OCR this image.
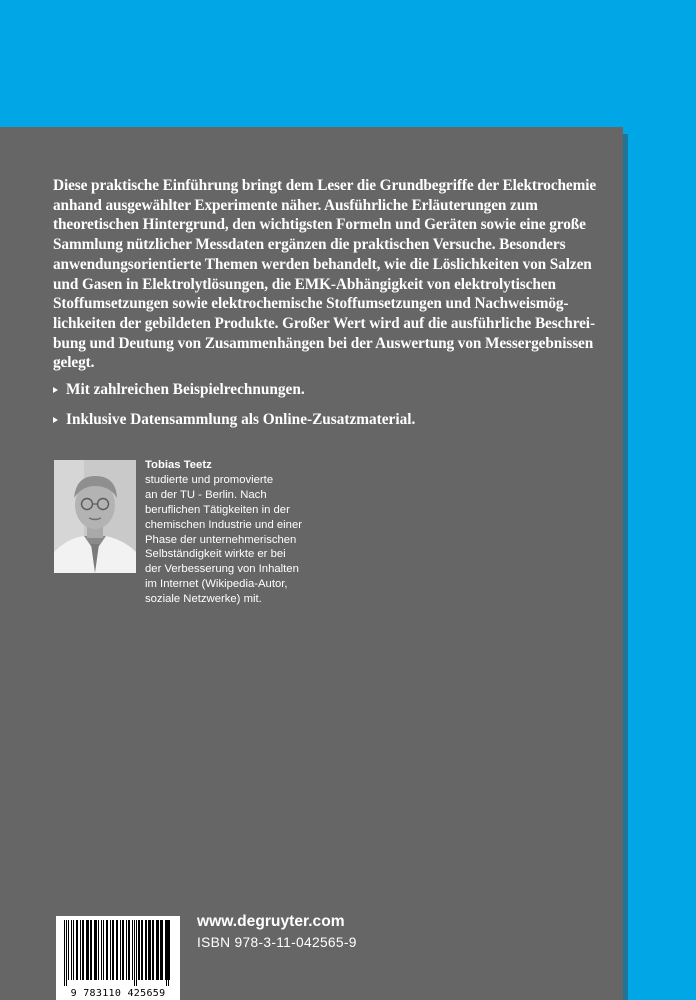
Diese praktische Einführung bringt dem Leser die Grundbegriffe der Elektrochemie
anhand ausgewählter Experimente näher. Ausführliche Erläuterungen zum
theoretischen Hintergrund, den wichtigsten Formeln und Geräten sowie eine große
Sammlung nützlicher Messdaten ergänzen die praktischen Versuche. Besonders
anwendungsorientierte Themen werden behandelt, wie die Löslichkeiten von Salzen
und Gasen in Elektrolytlösungen, die EMK-Abhängigkeit von elektrolytischen
Stoffumsetzungen sowie elektrochemische Stoffumsetzungen und Nachweismög-
lichkeiten der gebildeten Produkte. Großer Wert wird auf die ausführliche Beschrei-
bung und Deutung von Zusammenhängen bei der Auswertung von Messergebnissen
gelegt.

Mit zahlreichen Beispielrechnungen.
Inklusive Datensammlung als Online-Zusatzmaterial.
Tobias Teetz
studierte und promovierte
an der TU - Berlin. Nach
beruflichen Tätigkeiten in der
chemischen Industrie und einer
Phase der unternehmerischen
Selbständigkeit wirkte er bei
der Verbesserung von Inhalten
im Internet (Wikipedia-Autor,
soziale Netzwerke) mit.
9 783110 425659
www.degruyter.com
ISBN 978-3-11-042565-9
